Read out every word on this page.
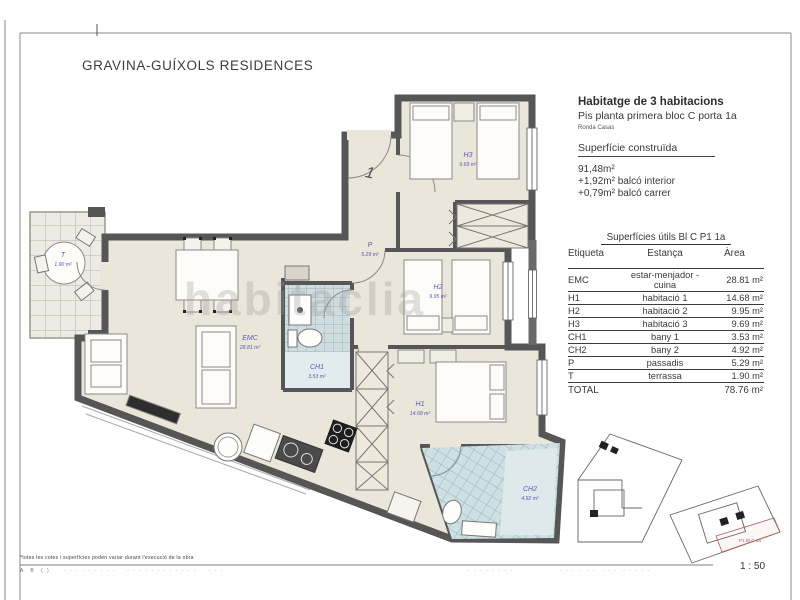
habitaclia
H3
9.69 m²
H2
9.95 m²
H1
14.68 m²
EMC
28.81 m²
CH1
3.53 m²
CH2
4.92 m²
P
5.29 m²
T
1.90 m²
1
P1 Bl C 1a
GRAVINA-GUÍXOLS RESIDENCES
Habitatge de 3 habitacions
Pis planta primera bloc C porta 1a
Ronda Casas
Superfície construïda
91,48m²
+1,92m² balcó interior
+0,79m² balcó carrer
Superfícies útils Bl C P1 1a
Etiqueta	Estança	Àrea

EMC	estar-menjador -cuina	28.81 m²
H1	habitació 1	14.68 m²
H2	habitació 2	9.95 m²
H3	habitació 3	9.69 m²
CH1	bany 1	3.53 m²
CH2	bany 2	4.92 m²
P	passadis	5.29 m²
T	terrassa	1.90 m²
TOTAL		78.76 m²
1 : 50
*totes les cotes i superfícies poden variar durant l'execució de la obra
A  B  ( )	· · · · · · · · ·    · · · · · · · · · · · ·    · · ·	· · · · · · · ·	· · · ·  · ·  · · ·  · · · · ·
